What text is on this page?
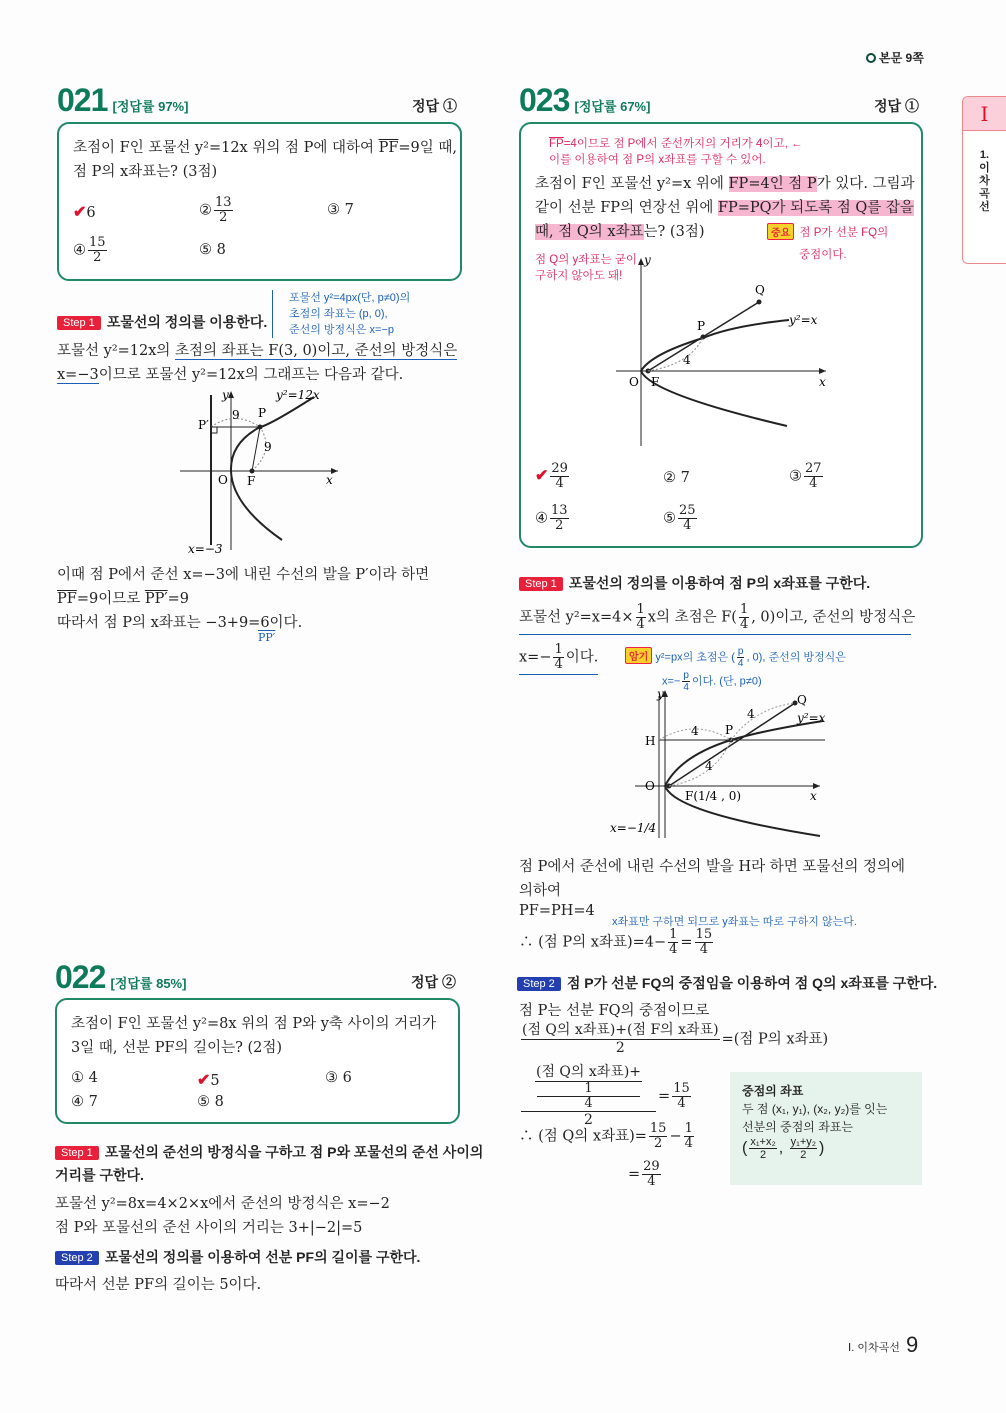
본문 9쪽
I
1.
이
차
곡
선
021 [정답률 97%]	정답 ①
초점이 F인 포물선 y²=12x 위의 점 P에 대하여 $\overline{PF}=9$일 때,
점 P의 x좌표는? (3점)
✔6	② $\frac{13}{2}$	③ 7
④ $\frac{15}{2}$	⑤ 8
포물선 y²=4px(단, p≠0)의
초점의 좌표는 (p, 0),
준선의 방정식은 x=−p
Step 1 포물선의 정의를 이용한다.
포물선 y²=12x의 초점의 좌표는 F(3, 0)이고, 준선의 방정식은
x=−3이므로 포물선 y²=12x의 그래프는 다음과 같다.
y
x
O F
P
P′
9
9
y²=12x
x=−3
이때 점 P에서 준선 x=−3에 내린 수선의 발을 P′이라 하면
$\overline{PF}=9$이므로 PP′=9
따라서 점 P의 x좌표는 −3+9=6이다.
PP′
022 [정답률 85%]	정답 ②
초점이 F인 포물선 y²=8x 위의 점 P와 y축 사이의 거리가
3일 때, 선분 PF의 길이는? (2점)
① 4	✔5	③ 6
④ 7	⑤ 8
Step 1 포물선의 준선의 방정식을 구하고 점 P와 포물선의 준선 사이의
거리를 구한다.
포물선 y²=8x=4×2×x에서 준선의 방정식은 x=−2
점 P와 포물선의 준선 사이의 거리는 3+|−2|=5
Step 2 포물선의 정의를 이용하여 선분 PF의 길이를 구한다.
따라서 선분 PF의 길이는 5이다.
023 [정답률 67%]	정답 ①
$\overline{FP}=4$이므로 점 P에서 준선까지의 거리가 4이고, ←
이를 이용하여 점 P의 x좌표를 구할 수 있어.
초점이 F인 포물선 y²=x 위에 FP=4인 점 P가 있다. 그림과
같이 선분 FP의 연장선 위에 FP=PQ가 되도록 점 Q를 잡을
때, 점 Q의 x좌표는? (3점)	중요 점 P가 선분 FQ의
중점이다.
점 Q의 y좌표는 굳이
구하지 않아도 돼!
y
x
O F
P
Q
4
y²=x
✔ $\frac{29}{4}$	② 7	③ $\frac{27}{4}$
④ $\frac{13}{2}$	⑤ $\frac{25}{4}$
Step 1 포물선의 정의를 이용하여 점 P의 x좌표를 구한다.
포물선 $y^2=x=4\times \frac{1}{4}$ x의 초점은 $F( \frac{1}{4}$ , 0)이고, 준선의 방정식은
$x=- \frac{1}{4}$ 이다.	암기 y²=px의 초점은 ( $\frac{p}{4}$ , 0), 준선의 방정식은
$x=- \frac{p}{4}$ 이다. (단, p≠0)
y
x
O
H
P
Q
4
4
4
y²=x
F(1/4 , 0)
x=−1/4
점 P에서 준선에 내린 수선의 발을 H라 하면 포물선의 정의에
의하여
PF=PH=4
x좌표만 구하면 되므로 y좌표는 따로 구하지 않는다.
∴ (점 P의 x좌표)$=4- \frac{1}{4} = \frac{15}{4}$
Step 2 점 P가 선분 FQ의 중점임을 이용하여 점 Q의 x좌표를 구한다.
점 P는 선분 FQ의 중점이므로
$\frac{\text{(점 Q의 x좌표)+(점 F의 x좌표)}}{2}$ =(점 P의 x좌표)
(점 Q의 x좌표)+
1
4
$2 = \frac{15}{4}$
∴ (점 Q의 x좌표)= $\frac{15}{2} - \frac{1}{4}$
= $\frac{29}{4}$
중점의 좌표
두 점 (x₁, y₁), (x₂, y₂)를 잇는
선분의 중점의 좌표는
( $\frac{\text{x₁+x₂}}{2}$ , $\frac{\text{y₁+y₂}}{2}$ )
Ⅰ. 이차곡선 9
